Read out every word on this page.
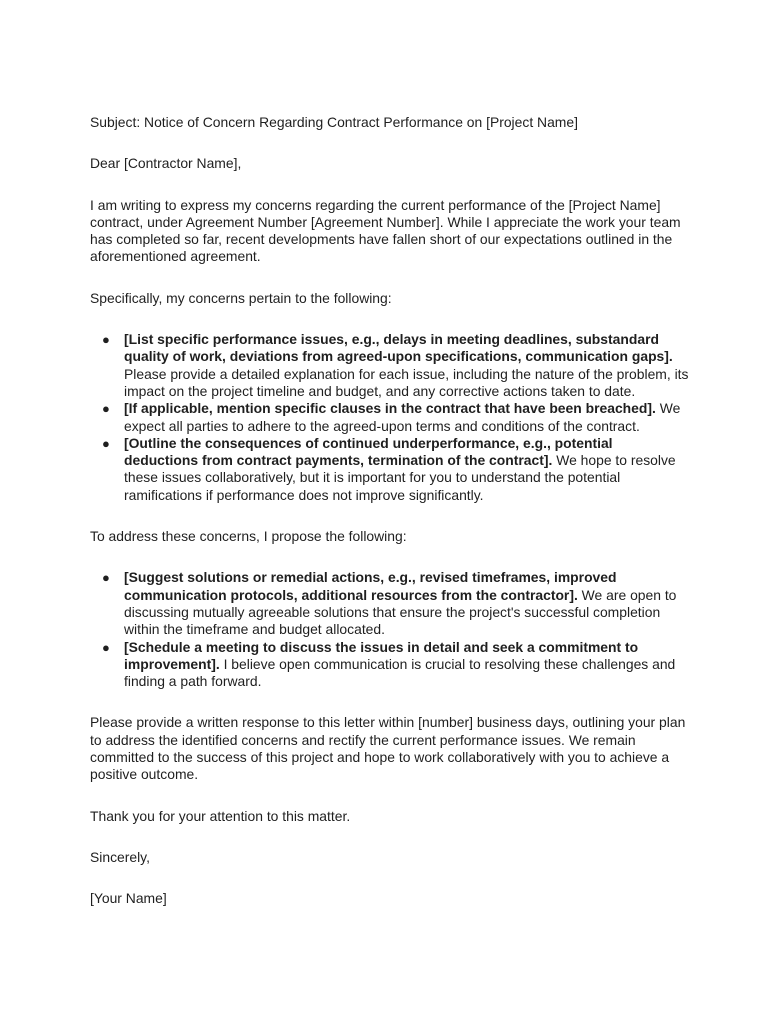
Subject: Notice of Concern Regarding Contract Performance on [Project Name]

Dear [Contractor Name],

I am writing to express my concerns regarding the current performance of the [Project Name] contract, under Agreement Number [Agreement Number]. While I appreciate the work your team has completed so far, recent developments have fallen short of our expectations outlined in the aforementioned agreement.

Specifically, my concerns pertain to the following:

● [List specific performance issues, e.g., delays in meeting deadlines, substandard quality of work, deviations from agreed-upon specifications, communication gaps]. Please provide a detailed explanation for each issue, including the nature of the problem, its impact on the project timeline and budget, and any corrective actions taken to date.
● [If applicable, mention specific clauses in the contract that have been breached]. We expect all parties to adhere to the agreed-upon terms and conditions of the contract.
● [Outline the consequences of continued underperformance, e.g., potential deductions from contract payments, termination of the contract]. We hope to resolve these issues collaboratively, but it is important for you to understand the potential ramifications if performance does not improve significantly.

To address these concerns, I propose the following:

● [Suggest solutions or remedial actions, e.g., revised timeframes, improved communication protocols, additional resources from the contractor]. We are open to discussing mutually agreeable solutions that ensure the project's successful completion within the timeframe and budget allocated.
● [Schedule a meeting to discuss the issues in detail and seek a commitment to improvement]. I believe open communication is crucial to resolving these challenges and finding a path forward.

Please provide a written response to this letter within [number] business days, outlining your plan to address the identified concerns and rectify the current performance issues. We remain committed to the success of this project and hope to work collaboratively with you to achieve a positive outcome.

Thank you for your attention to this matter.

Sincerely,

[Your Name]
